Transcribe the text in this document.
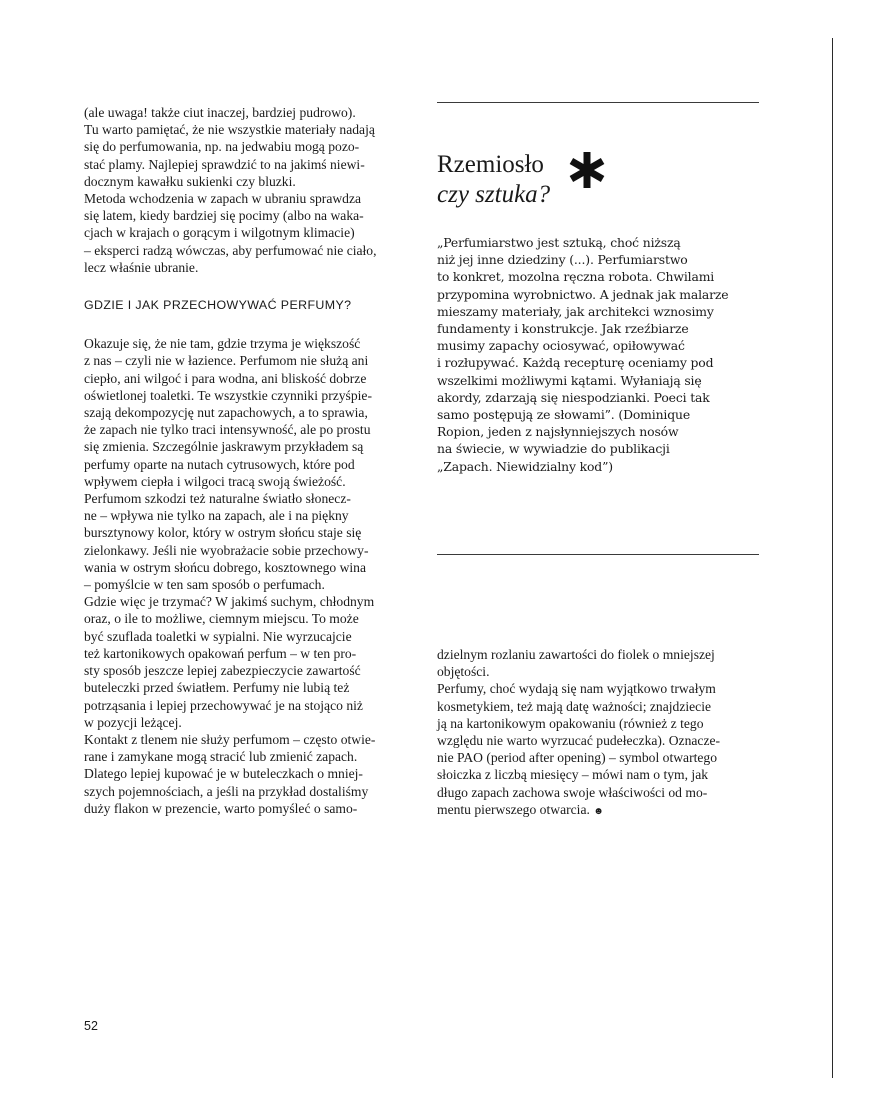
(ale uwaga! także ciut inaczej, bardziej pudrowo).

Tu warto pamiętać, że nie wszystkie materiały nadają

się do perfumowania, np. na jedwabiu mogą pozo-

stać plamy. Najlepiej sprawdzić to na jakimś niewi-

docznym kawałku sukienki czy bluzki.

Metoda wchodzenia w zapach w ubraniu sprawdza

się latem, kiedy bardziej się pocimy (albo na waka-

cjach w krajach o gorącym i wilgotnym klimacie)

– eksperci radzą wówczas, aby perfumować nie ciało,

lecz właśnie ubranie.

GDZIE I JAK PRZECHOWYWAĆ PERFUMY?

Okazuje się, że nie tam, gdzie trzyma je większość

z nas – czyli nie w łazience. Perfumom nie służą ani

ciepło, ani wilgoć i para wodna, ani bliskość dobrze

oświetlonej toaletki. Te wszystkie czynniki przyśpie-

szają dekompozycję nut zapachowych, a to sprawia,

że zapach nie tylko traci intensywność, ale po prostu

się zmienia. Szczególnie jaskrawym przykładem są

perfumy oparte na nutach cytrusowych, które pod

wpływem ciepła i wilgoci tracą swoją świeżość.

Perfumom szkodzi też naturalne światło słonecz-

ne – wpływa nie tylko na zapach, ale i na piękny

bursztynowy kolor, który w ostrym słońcu staje się

zielonkawy. Jeśli nie wyobrażacie sobie przechowy-

wania w ostrym słońcu dobrego, kosztownego wina

– pomyślcie w ten sam sposób o perfumach.

Gdzie więc je trzymać? W jakimś suchym, chłodnym

oraz, o ile to możliwe, ciemnym miejscu. To może

być szuflada toaletki w sypialni. Nie wyrzucajcie

też kartonikowych opakowań perfum – w ten pro-

sty sposób jeszcze lepiej zabezpieczycie zawartość

buteleczki przed światłem. Perfumy nie lubią też

potrząsania i lepiej przechowywać je na stojąco niż

w pozycji leżącej.

Kontakt z tlenem nie służy perfumom – często otwie-

rane i zamykane mogą stracić lub zmienić zapach.

Dlatego lepiej kupować je w buteleczkach o mniej-

szych pojemnościach, a jeśli na przykład dostaliśmy

duży flakon w prezencie, warto pomyśleć o samo-

52
Rzemiosło
czy sztuka?

„Perfumiarstwo jest sztuką, choć niższą

niż jej inne dziedziny (...). Perfumiarstwo

to konkret, mozolna ręczna robota. Chwilami

przypomina wyrobnictwo. A jednak jak malarze

mieszamy materiały, jak architekci wznosimy

fundamenty i konstrukcje. Jak rzeźbiarze

musimy zapachy ociosywać, opiłowywać

i rozłupywać. Każdą recepturę oceniamy pod

wszelkimi możliwymi kątami. Wyłaniają się

akordy, zdarzają się niespodzianki. Poeci tak

samo postępują ze słowami”. (Dominique

Ropion, jeden z najsłynniejszych nosów

na świecie, w wywiadzie do publikacji

„Zapach. Niewidzialny kod”)

dzielnym rozlaniu zawartości do fiolek o mniejszej

objętości.

Perfumy, choć wydają się nam wyjątkowo trwałym

kosmetykiem, też mają datę ważności; znajdziecie

ją na kartonikowym opakowaniu (również z tego

względu nie warto wyrzucać pudełeczka). Oznacze-

nie PAO (period after opening) – symbol otwartego

słoiczka z liczbą miesięcy – mówi nam o tym, jak

długo zapach zachowa swoje właściwości od mo-

mentu pierwszego otwarcia. ☻
